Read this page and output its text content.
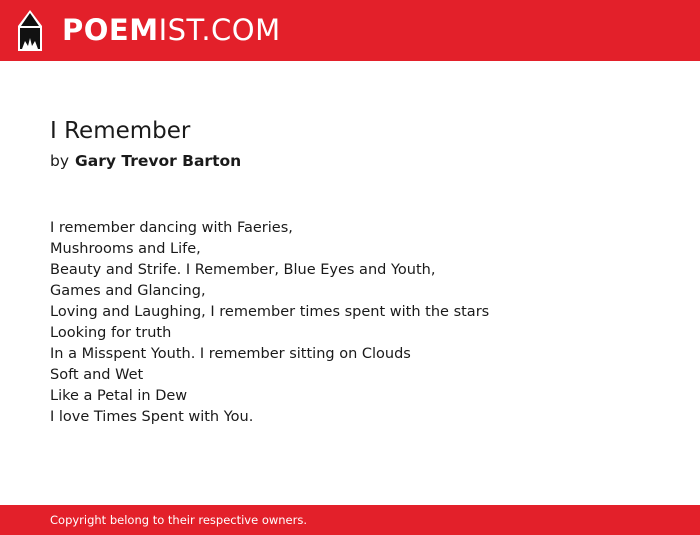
POEMIST.COM
I Remember

by Gary Trevor Barton

I remember dancing with Faeries,
Mushrooms and Life,
Beauty and Strife. I Remember, Blue Eyes and Youth,
Games and Glancing,
Loving and Laughing, I remember times spent with the stars
Looking for truth
In a Misspent Youth. I remember sitting on Clouds
Soft and Wet
Like a Petal in Dew
I love Times Spent with You.
Copyright belong to their respective owners.
